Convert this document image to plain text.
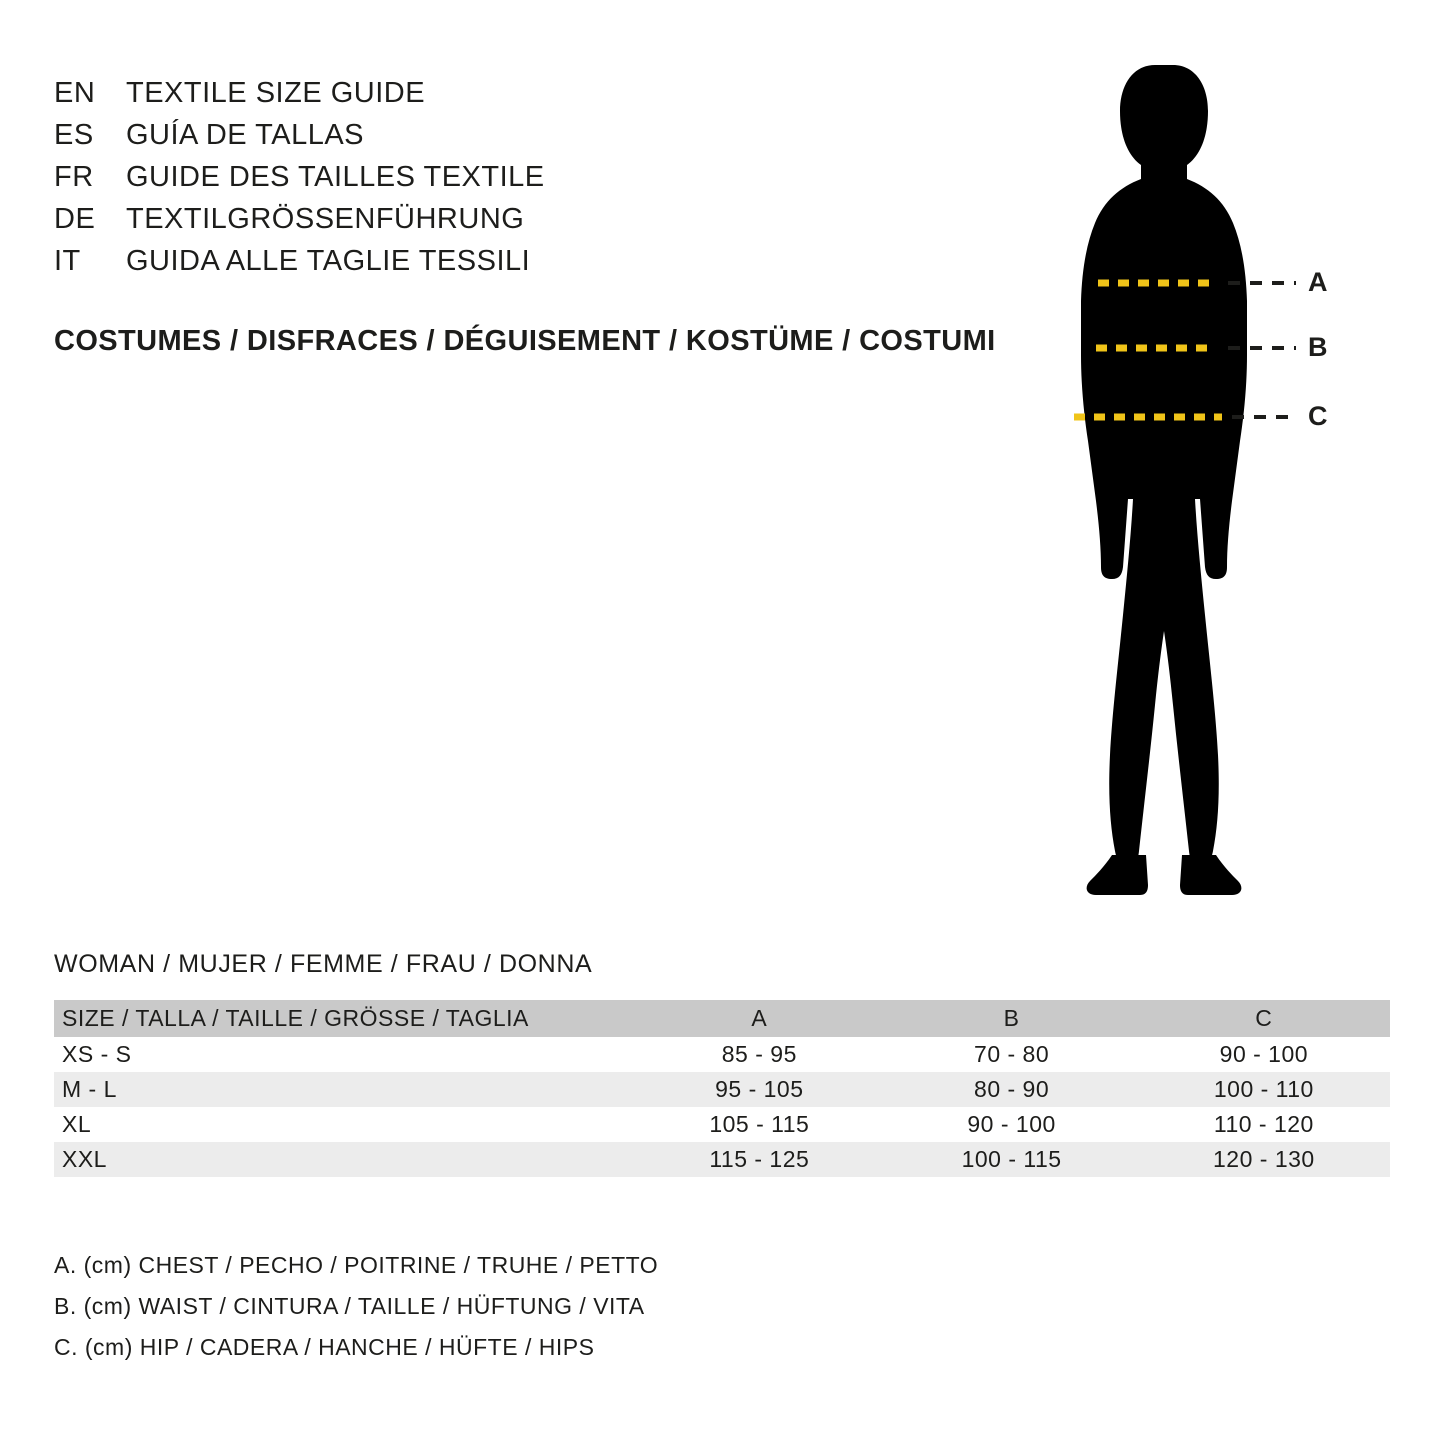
EN	TEXTILE SIZE GUIDE
ES	GUÍA DE TALLAS
FR	GUIDE DES TAILLES TEXTILE
DE	TEXTILGRÖSSENFÜHRUNG
IT	GUIDA ALLE TAGLIE TESSILI
COSTUMES / DISFRACES / DÉGUISEMENT / KOSTÜME / COSTUMI
A
B
C
WOMAN / MUJER / FEMME / FRAU / DONNA
SIZE / TALLA / TAILLE / GRÖSSE / TAGLIA	A	B	C
XS - S	85 - 95	70 - 80	90 - 100
M - L	95 - 105	80 - 90	100 - 110
XL	105 - 115	90 - 100	110 - 120
XXL	115 - 125	100 - 115	120 - 130
A. (cm) CHEST / PECHO / POITRINE / TRUHE / PETTO
B. (cm) WAIST / CINTURA / TAILLE / HÜFTUNG / VITA
C. (cm) HIP / CADERA / HANCHE / HÜFTE / HIPS
